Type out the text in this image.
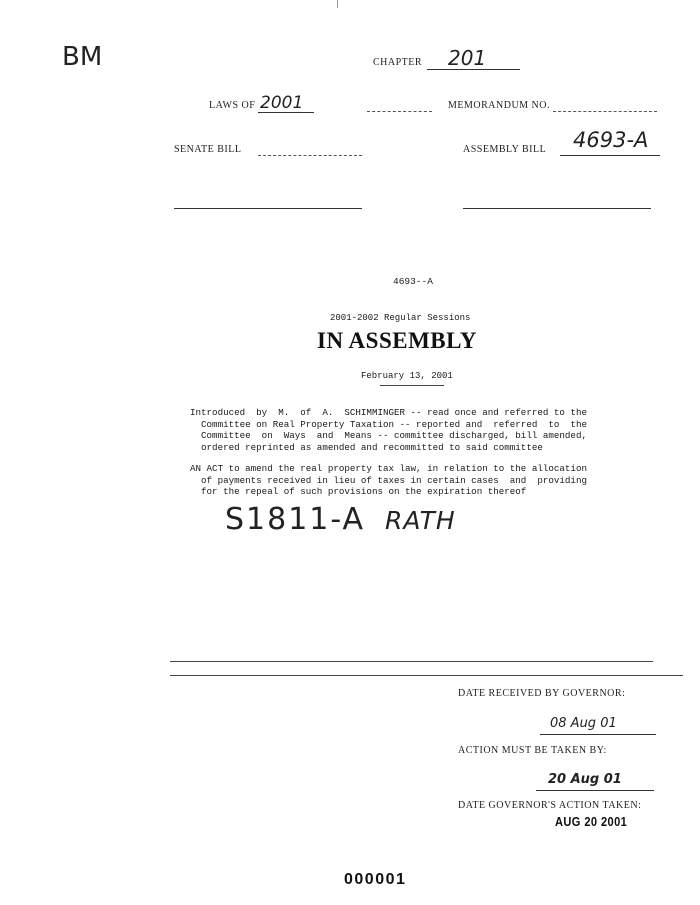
BM	CHAPTER 201
LAWS OF 2001	MEMORANDUM NO.
SENATE BILL	ASSEMBLY BILL 4693-A
4693--A
2001-2002 Regular Sessions
IN ASSEMBLY
February 13, 2001
Introduced  by  M.  of  A.  SCHIMMINGER -- read once and referred to the
Committee on Real Property Taxation -- reported and  referred  to  the
Committee  on  Ways  and  Means -- committee discharged, bill amended,
ordered reprinted as amended and recommitted to said committee
AN ACT to amend the real property tax law, in relation to the allocation
of payments received in lieu of taxes in certain cases  and  providing
for the repeal of such provisions on the expiration thereof
S1811-A RATH
DATE RECEIVED BY GOVERNOR:
08 Aug 01
ACTION MUST BE TAKEN BY:
20 Aug 01
DATE GOVERNOR'S ACTION TAKEN:
AUG 20 2001
000001
